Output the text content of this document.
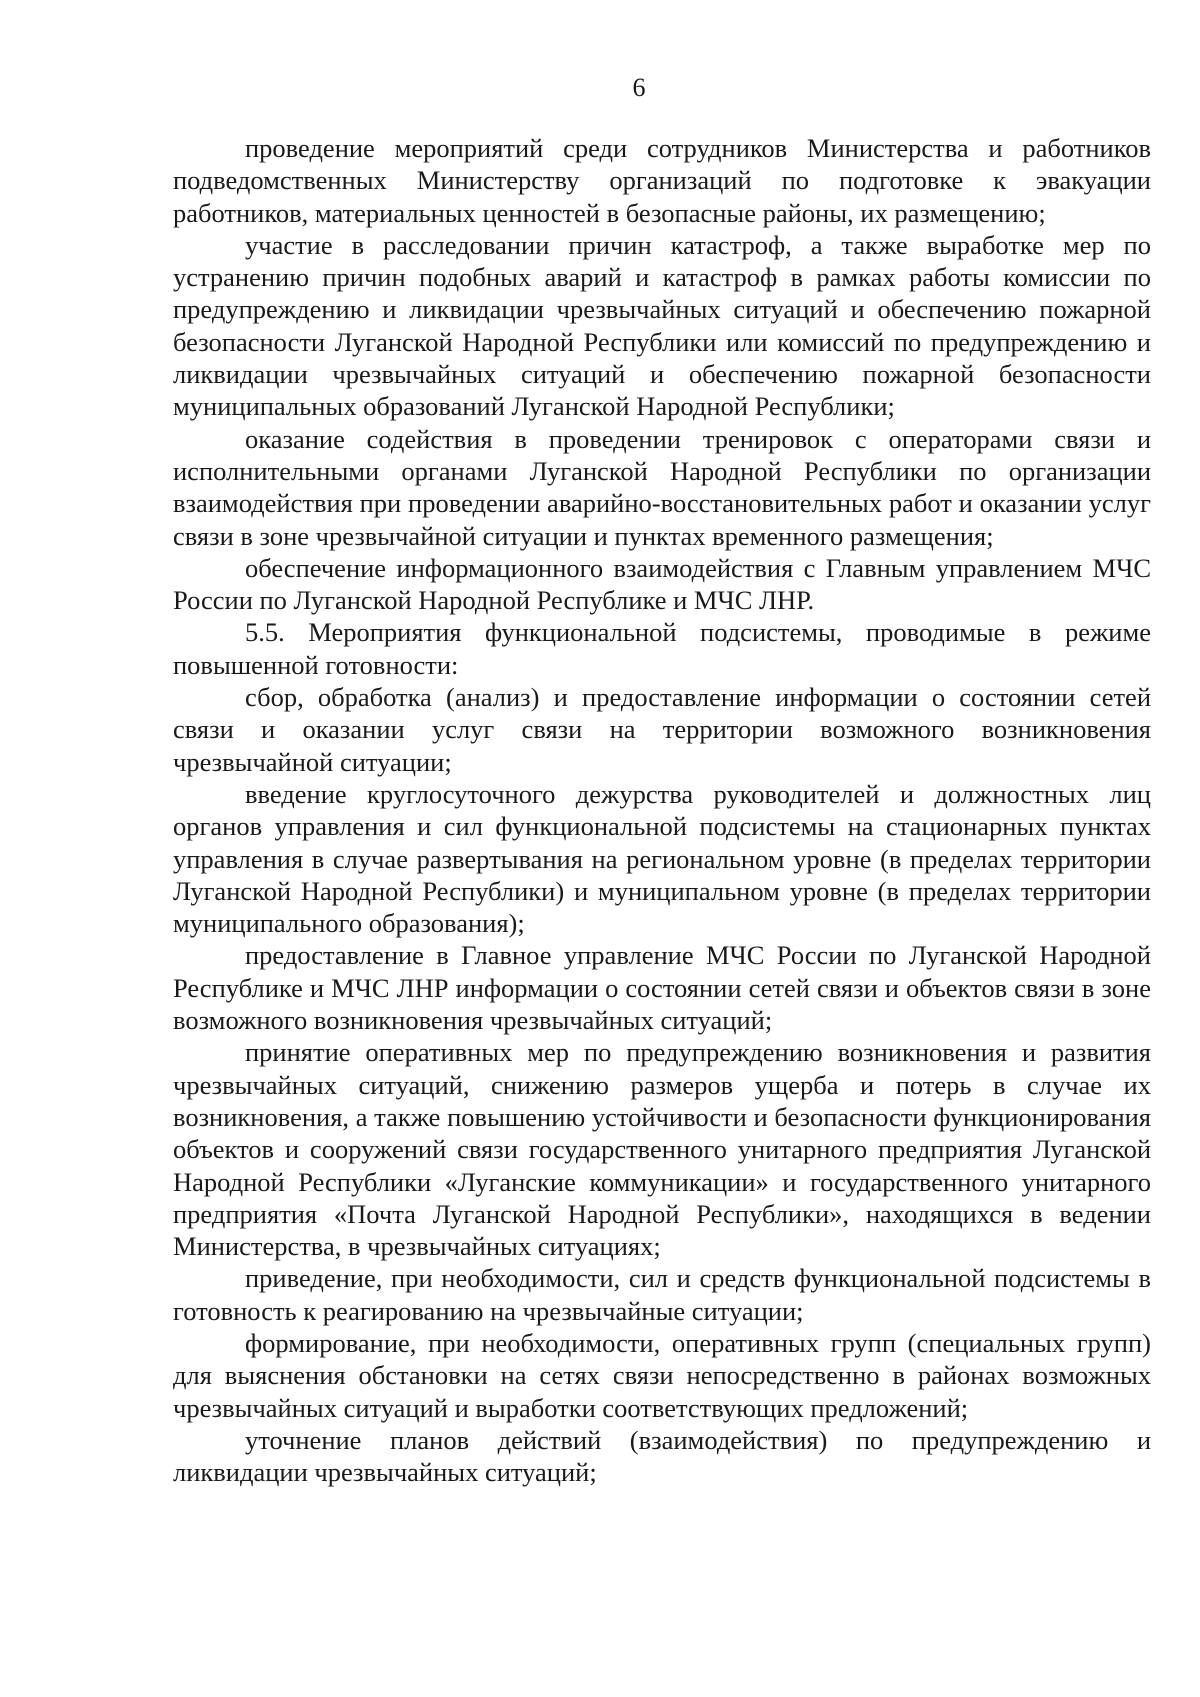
6

проведение мероприятий среди сотрудников Министерства и работников подведомственных Министерству организаций по подготовке к эвакуации работников, материальных ценностей в безопасные районы, их размещению;

участие в расследовании причин катастроф, а также выработке мер по устранению причин подобных аварий и катастроф в рамках работы комиссии по предупреждению и ликвидации чрезвычайных ситуаций и обеспечению пожарной безопасности Луганской Народной Республики или комиссий по предупреждению и ликвидации чрезвычайных ситуаций и обеспечению пожарной безопасности муниципальных образований Луганской Народной Республики;

оказание содействия в проведении тренировок с операторами связи и исполнительными органами Луганской Народной Республики по организации взаимодействия при проведении аварийно-восстановительных работ и оказании услуг связи в зоне чрезвычайной ситуации и пунктах временного размещения;

обеспечение информационного взаимодействия с Главным управлением МЧС России по Луганской Народной Республике и МЧС ЛНР.

5.5. Мероприятия функциональной подсистемы, проводимые в режиме повышенной готовности:

сбор, обработка (анализ) и предоставление информации о состоянии сетей связи и оказании услуг связи на территории возможного возникновения чрезвычайной ситуации;

введение круглосуточного дежурства руководителей и должностных лиц органов управления и сил функциональной подсистемы на стационарных пунктах управления в случае развертывания на региональном уровне (в пределах территории Луганской Народной Республики) и муниципальном уровне (в пределах территории муниципального образования);

предоставление в Главное управление МЧС России по Луганской Народной Республике и МЧС ЛНР информации о состоянии сетей связи и объектов связи в зоне возможного возникновения чрезвычайных ситуаций;

принятие оперативных мер по предупреждению возникновения и развития чрезвычайных ситуаций, снижению размеров ущерба и потерь в случае их возникновения, а также повышению устойчивости и безопасности функционирования объектов и сооружений связи государственного унитарного предприятия Луганской Народной Республики «Луганские коммуникации» и государственного унитарного предприятия «Почта Луганской Народной Республики», находящихся в ведении Министерства, в чрезвычайных ситуациях;

приведение, при необходимости, сил и средств функциональной подсистемы в готовность к реагированию на чрезвычайные ситуации;

формирование, при необходимости, оперативных групп (специальных групп) для выяснения обстановки на сетях связи непосредственно в районах возможных чрезвычайных ситуаций и выработки соответствующих предложений;

уточнение планов действий (взаимодействия) по предупреждению и ликвидации чрезвычайных ситуаций;
